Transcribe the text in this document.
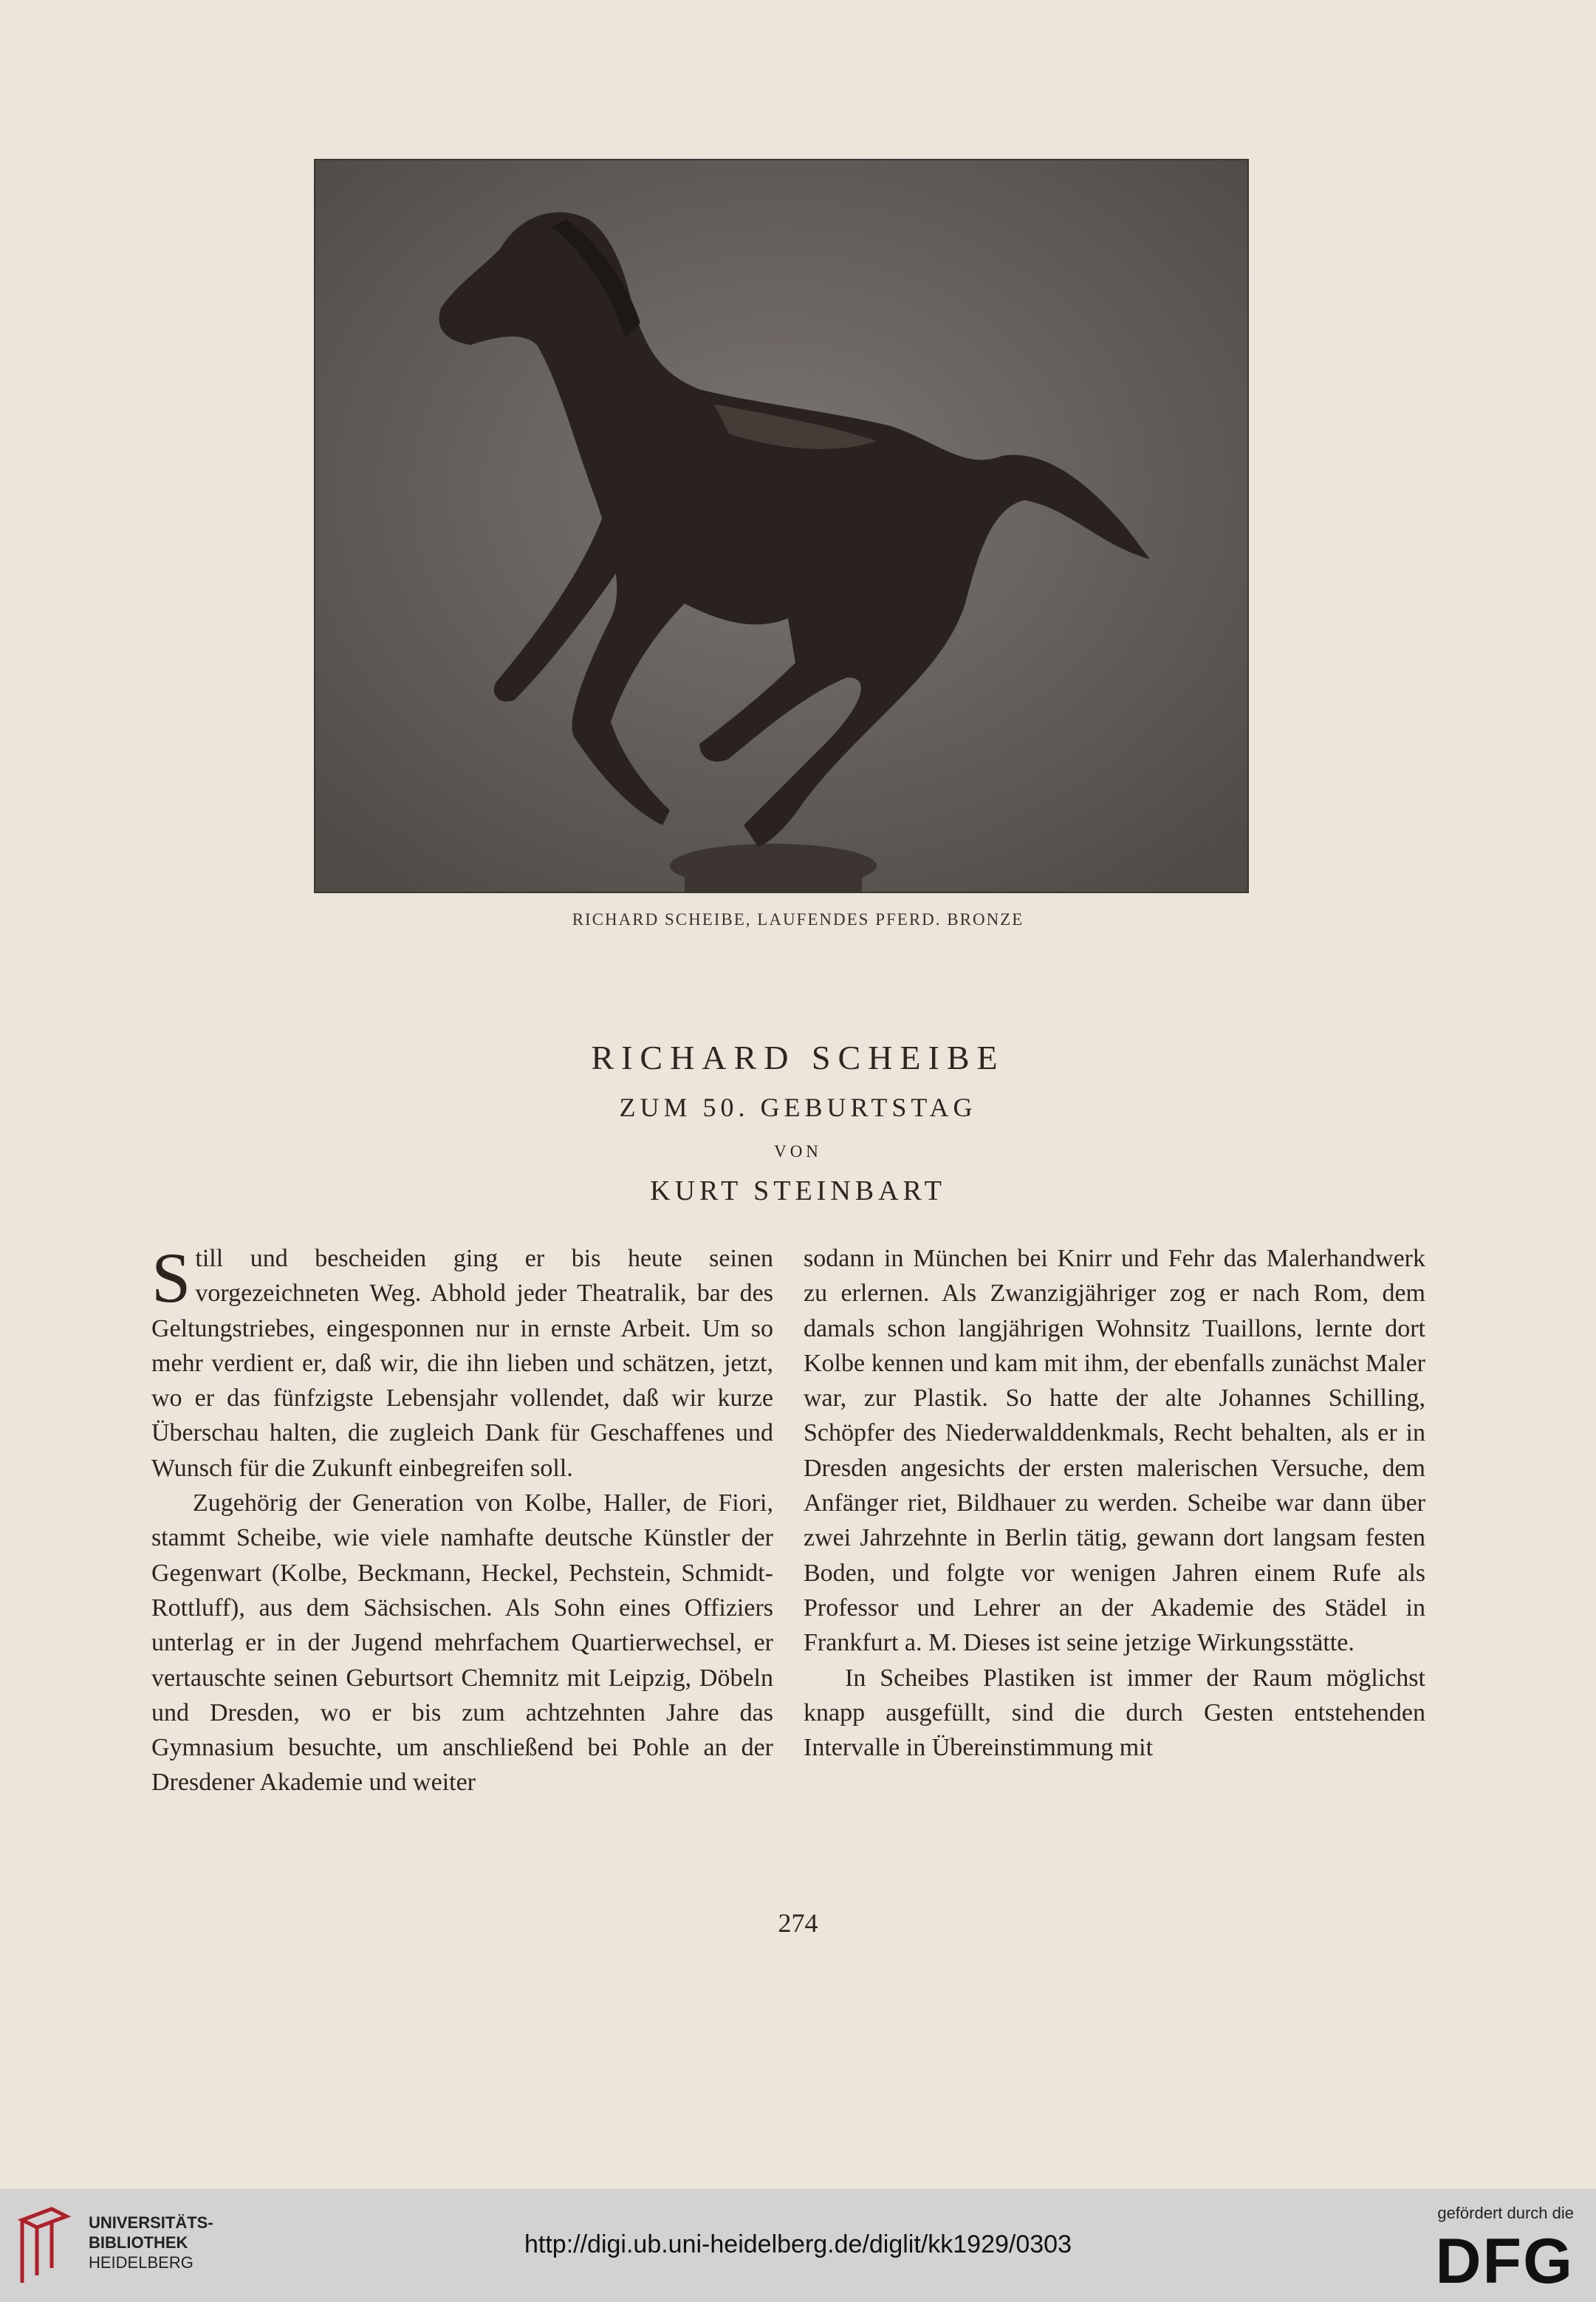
RICHARD SCHEIBE, LAUFENDES PFERD. BRONZE
RICHARD SCHEIBE
ZUM 50. GEBURTSTAG
VON
KURT STEINBART

Still und bescheiden ging er bis heute seinen vorgezeichneten Weg. Abhold jeder Theatralik, bar des Geltungstriebes, eingesponnen nur in ernste Arbeit. Um so mehr verdient er, daß wir, die ihn lieben und schätzen, jetzt, wo er das fünfzigste Lebensjahr vollendet, daß wir kurze Überschau halten, die zugleich Dank für Geschaffenes und Wunsch für die Zukunft einbegreifen soll.

Zugehörig der Generation von Kolbe, Haller, de Fiori, stammt Scheibe, wie viele namhafte deutsche Künstler der Gegenwart (Kolbe, Beckmann, Heckel, Pechstein, Schmidt-Rottluff), aus dem Sächsischen. Als Sohn eines Offiziers unterlag er in der Jugend mehrfachem Quartierwechsel, er vertauschte seinen Geburtsort Chemnitz mit Leipzig, Döbeln und Dresden, wo er bis zum achtzehnten Jahre das Gymnasium besuchte, um anschließend bei Pohle an der Dresdener Akademie und weiter

sodann in München bei Knirr und Fehr das Malerhandwerk zu erlernen. Als Zwanzigjähriger zog er nach Rom, dem damals schon langjährigen Wohnsitz Tuaillons, lernte dort Kolbe kennen und kam mit ihm, der ebenfalls zunächst Maler war, zur Plastik. So hatte der alte Johannes Schilling, Schöpfer des Niederwalddenkmals, Recht behalten, als er in Dresden angesichts der ersten malerischen Versuche, dem Anfänger riet, Bildhauer zu werden. Scheibe war dann über zwei Jahrzehnte in Berlin tätig, gewann dort langsam festen Boden, und folgte vor wenigen Jahren einem Rufe als Professor und Lehrer an der Akademie des Städel in Frankfurt a. M. Dieses ist seine jetzige Wirkungsstätte.

In Scheibes Plastiken ist immer der Raum möglichst knapp ausgefüllt, sind die durch Gesten entstehenden Intervalle in Übereinstimmung mit

274
UNIVERSITÄTS-
BIBLIOTHEK
HEIDELBERG
http://digi.ub.uni-heidelberg.de/diglit/kk1929/0303
gefördert durch die
DFG
